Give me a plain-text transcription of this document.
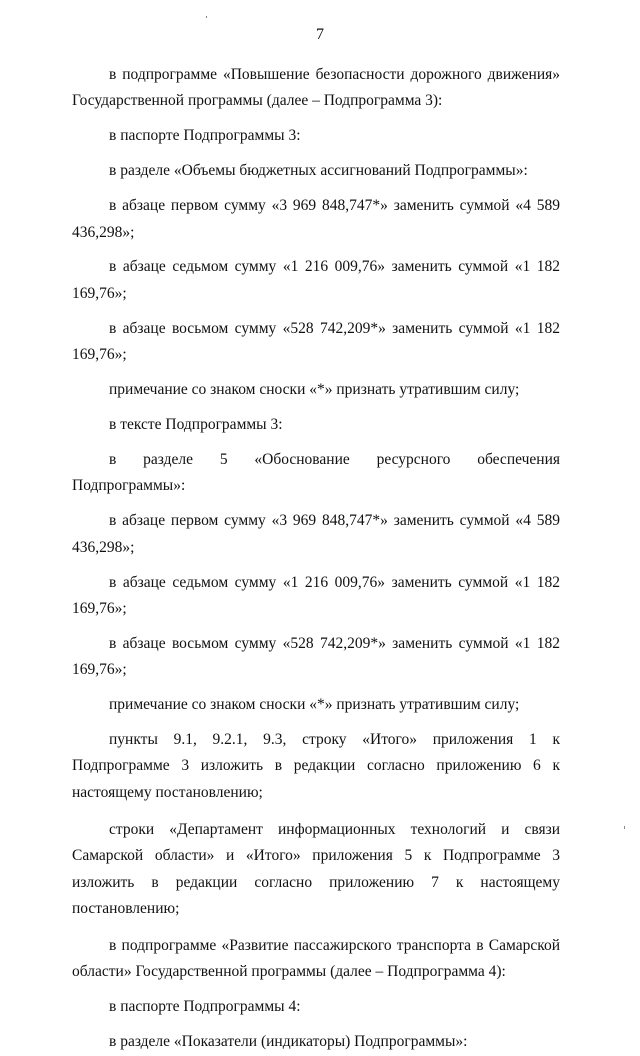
7

в подпрограмме «Повышение безопасности дорожного движения» Государственной программы (далее – Подпрограмма 3):

в паспорте Подпрограммы 3:

в разделе «Объемы бюджетных ассигнований Подпрограммы»:

в абзаце первом сумму «3 969 848,747*» заменить суммой «4 589 436,298»;

в абзаце седьмом сумму «1 216 009,76» заменить суммой «1 182 169,76»;

в абзаце восьмом сумму «528 742,209*» заменить суммой «1 182 169,76»;

примечание со знаком сноски «*» признать утратившим силу;

в тексте Подпрограммы 3:

в разделе 5 «Обоснование ресурсного обеспечения Подпрограммы»:

в абзаце первом сумму «3 969 848,747*» заменить суммой «4 589 436,298»;

в абзаце седьмом сумму «1 216 009,76» заменить суммой «1 182 169,76»;

в абзаце восьмом сумму «528 742,209*» заменить суммой «1 182 169,76»;

примечание со знаком сноски «*» признать утратившим силу;

пункты 9.1, 9.2.1, 9.3, строку «Итого» приложения 1 к Подпрограмме 3 изложить в редакции согласно приложению 6 к настоящему постановлению;

строки «Департамент информационных технологий и связи Самарской области» и «Итого» приложения 5 к Подпрограмме 3 изложить в редакции согласно приложению 7 к настоящему постановлению;

в подпрограмме «Развитие пассажирского транспорта в Самарской области» Государственной программы (далее – Подпрограмма 4):

в паспорте Подпрограммы 4:

в разделе «Показатели (индикаторы) Подпрограммы»:
